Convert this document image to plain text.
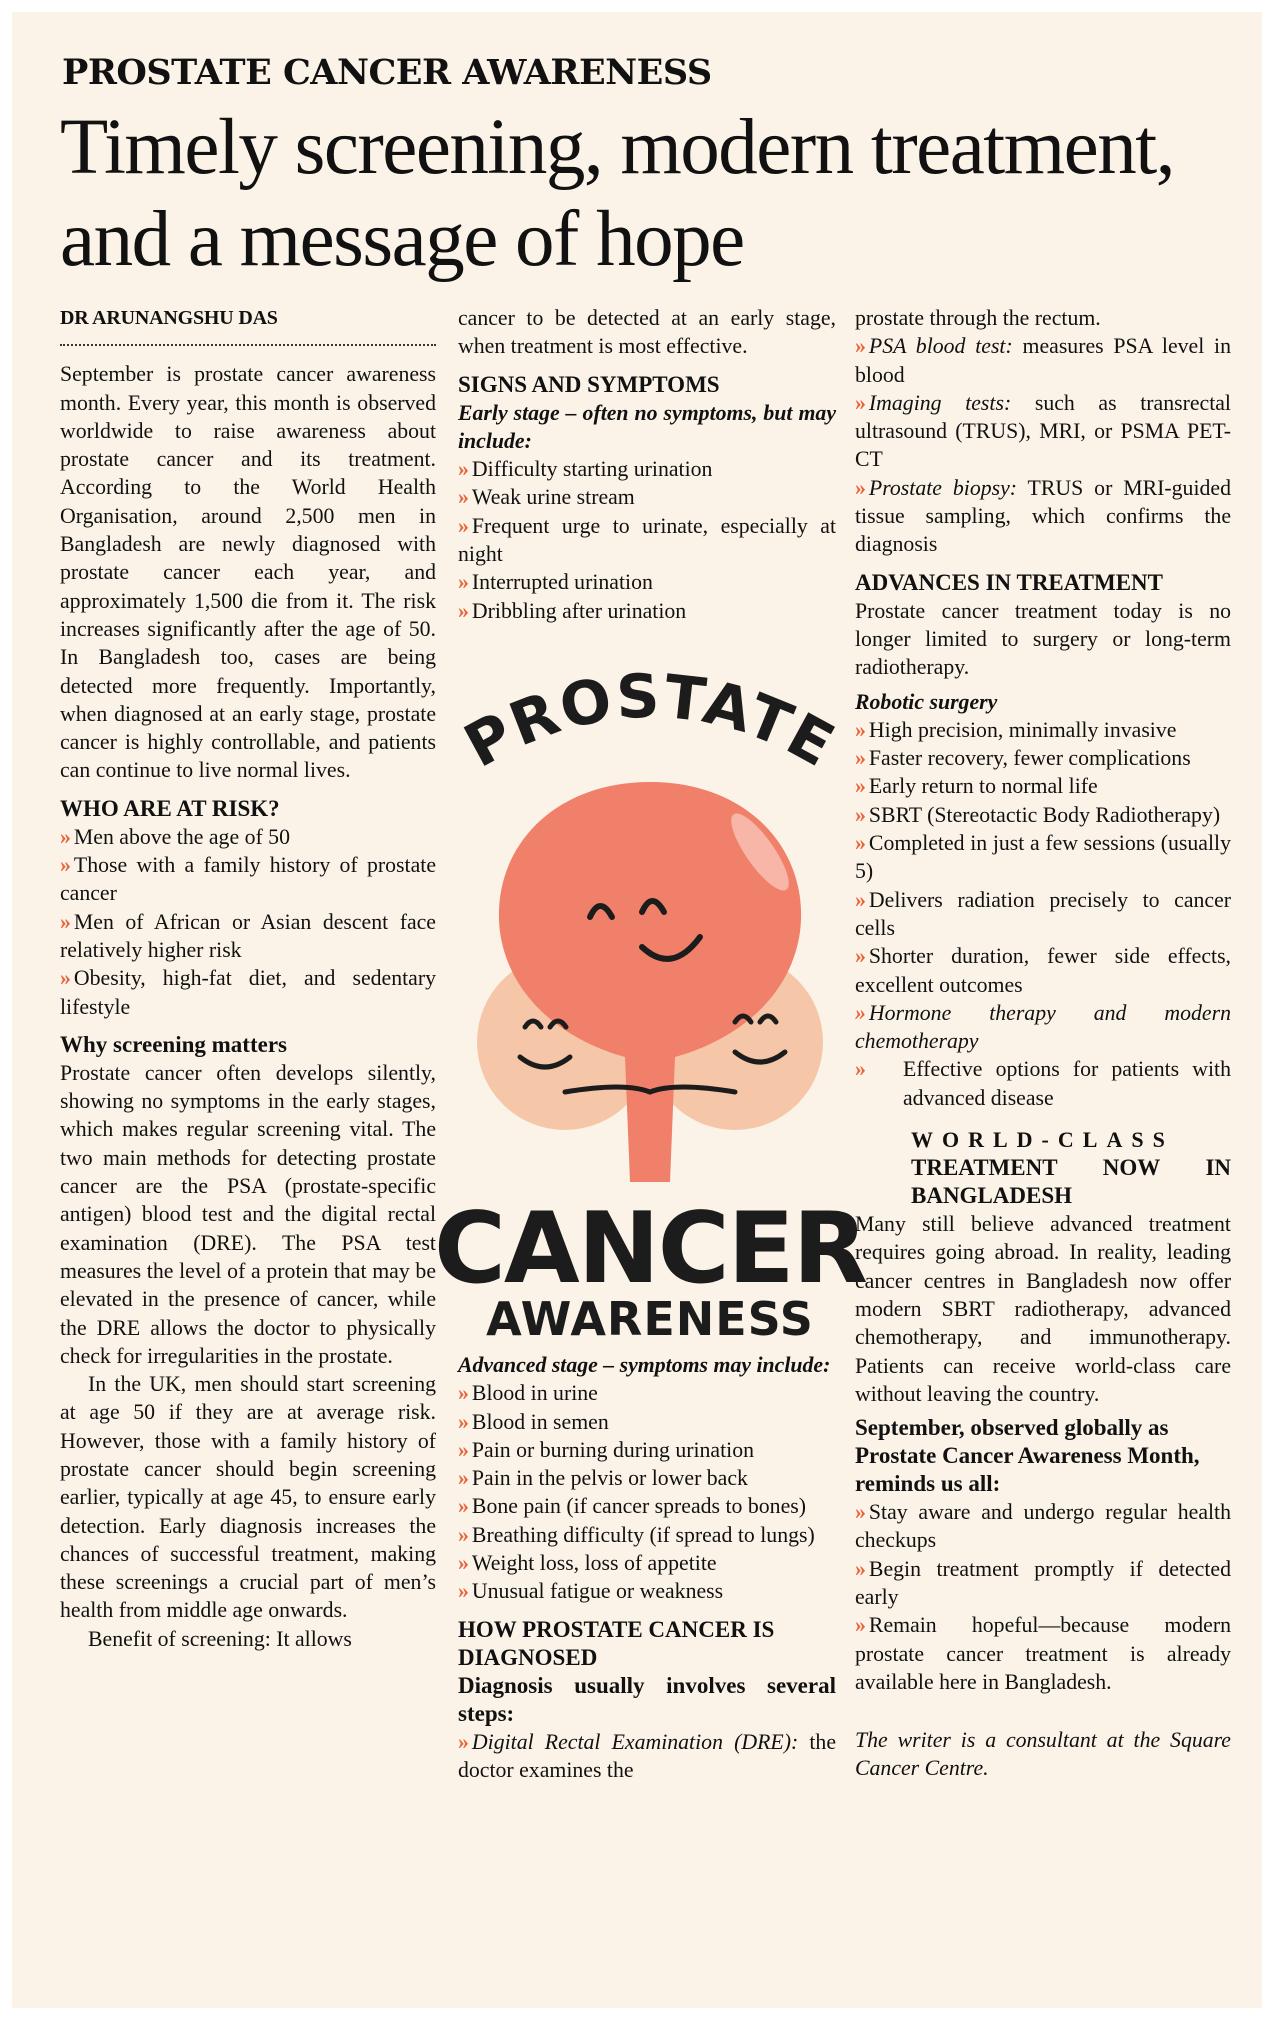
PROSTATE CANCER AWARENESS
Timely screening, modern treatment, and a message of hope
DR ARUNANGSHU DAS

September is prostate cancer awareness month. Every year, this month is observed worldwide to raise awareness about prostate cancer and its treatment. According to the World Health Organisation, around 2,500 men in Bangladesh are newly diagnosed with prostate cancer each year, and approximately 1,500 die from it. The risk increases significantly after the age of 50. In Bangladesh too, cases are being detected more frequently. Importantly, when diagnosed at an early stage, prostate cancer is highly controllable, and patients can continue to live normal lives.

WHO ARE AT RISK?

» Men above the age of 50

» Those with a family history of prostate cancer

» Men of African or Asian descent face relatively higher risk

» Obesity, high-fat diet, and sedentary lifestyle

Why screening matters

Prostate cancer often develops silently, showing no symptoms in the early stages, which makes regular screening vital. The two main methods for detecting prostate cancer are the PSA (prostate-specific antigen) blood test and the digital rectal examination (DRE). The PSA test measures the level of a protein that may be elevated in the presence of cancer, while the DRE allows the doctor to physically check for irregularities in the prostate.

In the UK, men should start screening at age 50 if they are at average risk. However, those with a family history of prostate cancer should begin screening earlier, typically at age 45, to ensure early detection. Early diagnosis increases the chances of successful treatment, making these screenings a crucial part of men’s health from middle age onwards.

Benefit of screening: It allows

cancer to be detected at an early stage, when treatment is most effective.

SIGNS AND SYMPTOMS

Early stage – often no symptoms, but may include:

» Difficulty starting urination

» Weak urine stream

» Frequent urge to urinate, especially at night

» Interrupted urination

» Dribbling after urination

Advanced stage – symptoms may include:

» Blood in urine

» Blood in semen

» Pain or burning during urination

» Pain in the pelvis or lower back

» Bone pain (if cancer spreads to bones)

» Breathing difficulty (if spread to lungs)

» Weight loss, loss of appetite

» Unusual fatigue or weakness

HOW PROSTATE CANCER IS DIAGNOSED

Diagnosis usually involves several steps:

» Digital Rectal Examination (DRE): the doctor examines the

prostate through the rectum.

» PSA blood test: measures PSA level in blood

» Imaging tests: such as transrectal ultrasound (TRUS), MRI, or PSMA PET-CT

» Prostate biopsy: TRUS or MRI-guided tissue sampling, which confirms the diagnosis

ADVANCES IN TREATMENT

Prostate cancer treatment today is no longer limited to surgery or long-term radiotherapy.

Robotic surgery

» High precision, minimally invasive

» Faster recovery, fewer complications

» Early return to normal life

» SBRT (Stereotactic Body Radiotherapy)

» Completed in just a few sessions (usually 5)

» Delivers radiation precisely to cancer cells

» Shorter duration, fewer side effects, excellent outcomes

» Hormone therapy and modern chemotherapy

» Effective options for patients with advanced disease

WORLD-CLASS
TREATMENT NOW IN BANGLADESH

Many still believe advanced treatment requires going abroad. In reality, leading cancer centres in Bangladesh now offer modern SBRT radiotherapy, advanced chemotherapy, and immunotherapy. Patients can receive world-class care without leaving the country.

September, observed globally as Prostate Cancer Awareness Month, reminds us all:

» Stay aware and undergo regular health checkups

» Begin treatment promptly if detected early

» Remain hopeful—because modern prostate cancer treatment is already available here in Bangladesh.

The writer is a consultant at the Square Cancer Centre.

PROSTATE
CANCER
AWARENESS
